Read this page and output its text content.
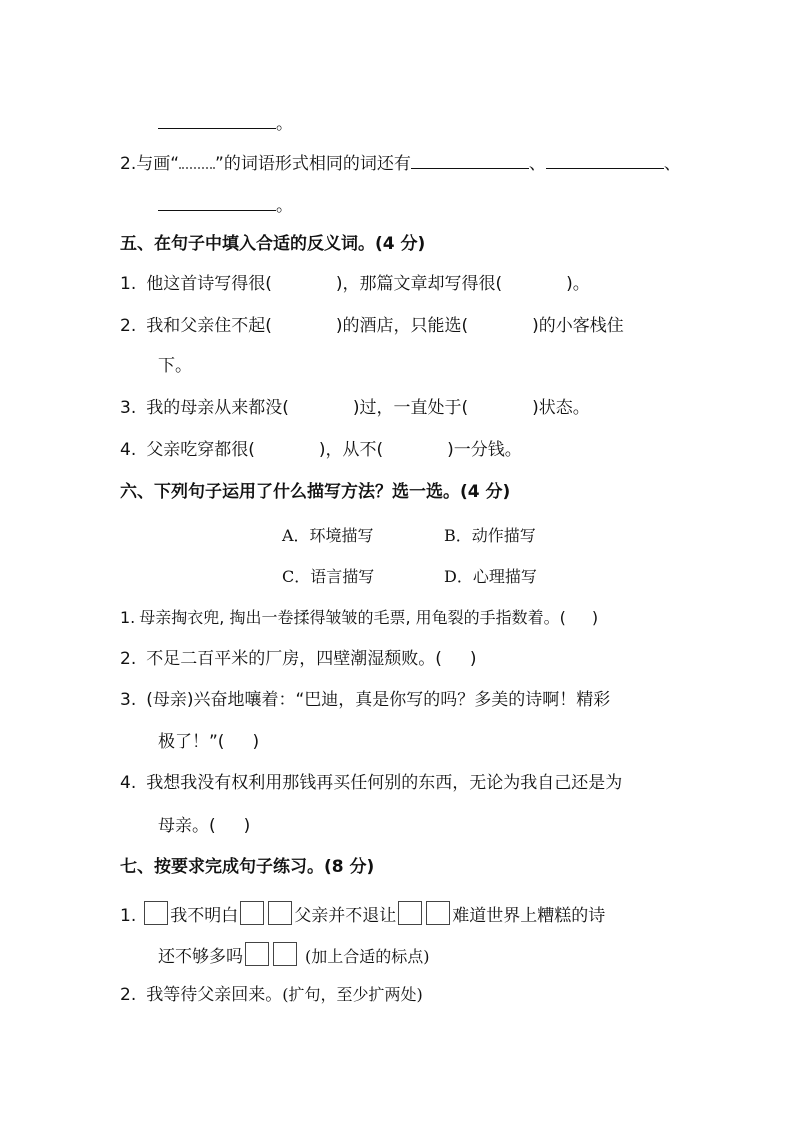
。
2.与画“ ”的词语形式相同的词还有	、	、
。
五、在句子中填入合适的反义词。(4 分)
1. 他这首诗写得很(	)，那篇文章却写得很(	)。
2. 我和父亲住不起(	)的酒店，只能选(	)的小客栈住
下。
3. 我的母亲从来都没(	)过，一直处于(	)状态。
4. 父亲吃穿都很(	)，从不(	)一分钱。
六、下列句子运用了什么描写方法？选一选。(4 分)
A．环境描写	B．动作描写
C．语言描写	D．心理描写
1. 母亲掏衣兜, 掏出一卷揉得皱皱的毛票, 用龟裂的手指数着。( )
2. 不足二百平米的厂房，四壁潮湿颓败。( )
3. (母亲)兴奋地嚷着：“巴迪，真是你写的吗？多美的诗啊！精彩
极了！”( )
4. 我想我没有权利用那钱再买任何别的东西，无论为我自己还是为
母亲。( )
七、按要求完成句子练习。(8 分)
1. 我不明白	父亲并不退让	难道世界上糟糕的诗
还不够多吗	(加上合适的标点)
2. 我等待父亲回来。(扩句，至少扩两处)
